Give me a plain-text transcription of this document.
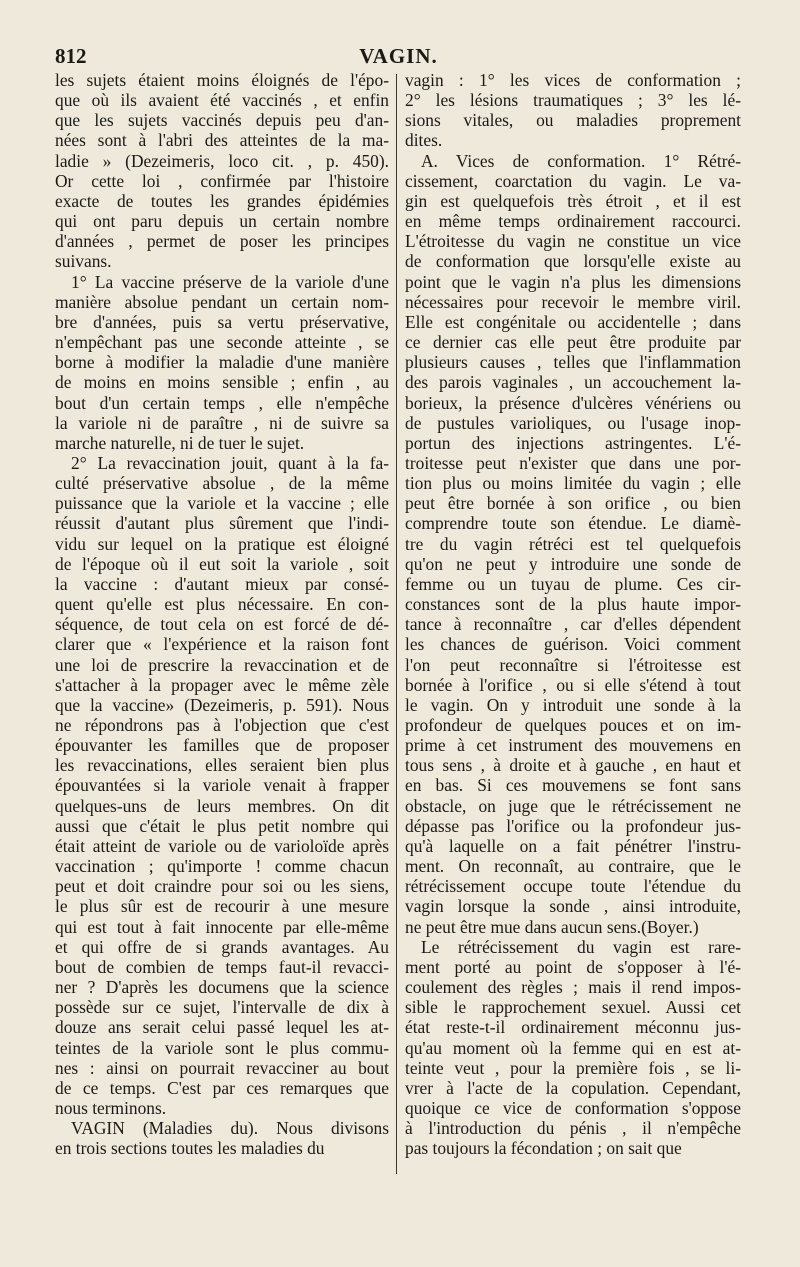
812	VAGIN.

les sujets étaient moins éloignés de l'épo-
que où ils avaient été vaccinés , et enfin
que les sujets vaccinés depuis peu d'an-
nées sont à l'abri des atteintes de la ma-
ladie » (Dezeimeris, loco cit. , p. 450).
Or cette loi , confirmée par l'histoire
exacte de toutes les grandes épidémies
qui ont paru depuis un certain nombre
d'années , permet de poser les principes
suivans.

1° La vaccine préserve de la variole d'une
manière absolue pendant un certain nom-
bre d'années, puis sa vertu préservative,
n'empêchant pas une seconde atteinte , se
borne à modifier la maladie d'une manière
de moins en moins sensible ; enfin , au
bout d'un certain temps , elle n'empêche
la variole ni de paraître , ni de suivre sa
marche naturelle, ni de tuer le sujet.

2° La revaccination jouit, quant à la fa-
culté préservative absolue , de la même
puissance que la variole et la vaccine ; elle
réussit d'autant plus sûrement que l'indi-
vidu sur lequel on la pratique est éloigné
de l'époque où il eut soit la variole , soit
la vaccine : d'autant mieux par consé-
quent qu'elle est plus nécessaire. En con-
séquence, de tout cela on est forcé de dé-
clarer que « l'expérience et la raison font
une loi de prescrire la revaccination et de
s'attacher à la propager avec le même zèle
que la vaccine» (Dezeimeris, p. 591). Nous
ne répondrons pas à l'objection que c'est
épouvanter les familles que de proposer
les revaccinations, elles seraient bien plus
épouvantées si la variole venait à frapper
quelques-uns de leurs membres. On dit
aussi que c'était le plus petit nombre qui
était atteint de variole ou de varioloïde après
vaccination ; qu'importe ! comme chacun
peut et doit craindre pour soi ou les siens,
le plus sûr est de recourir à une mesure
qui est tout à fait innocente par elle-même
et qui offre de si grands avantages. Au
bout de combien de temps faut-il revacci-
ner ? D'après les documens que la science
possède sur ce sujet, l'intervalle de dix à
douze ans serait celui passé lequel les at-
teintes de la variole sont le plus commu-
nes : ainsi on pourrait revacciner au bout
de ce temps. C'est par ces remarques que
nous terminons.

VAGIN (Maladies du). Nous divisons
en trois sections toutes les maladies du

vagin : 1° les vices de conformation ;
2° les lésions traumatiques ; 3° les lé-
sions vitales, ou maladies proprement
dites.

A. Vices de conformation. 1° Rétré-
cissement, coarctation du vagin. Le va-
gin est quelquefois très étroit , et il est
en même temps ordinairement raccourci.
L'étroitesse du vagin ne constitue un vice
de conformation que lorsqu'elle existe au
point que le vagin n'a plus les dimensions
nécessaires pour recevoir le membre viril.
Elle est congénitale ou accidentelle ; dans
ce dernier cas elle peut être produite par
plusieurs causes , telles que l'inflammation
des parois vaginales , un accouchement la-
borieux, la présence d'ulcères vénériens ou
de pustules varioliques, ou l'usage inop-
portun des injections astringentes. L'é-
troitesse peut n'exister que dans une por-
tion plus ou moins limitée du vagin ; elle
peut être bornée à son orifice , ou bien
comprendre toute son étendue. Le diamè-
tre du vagin rétréci est tel quelquefois
qu'on ne peut y introduire une sonde de
femme ou un tuyau de plume. Ces cir-
constances sont de la plus haute impor-
tance à reconnaître , car d'elles dépendent
les chances de guérison. Voici comment
l'on peut reconnaître si l'étroitesse est
bornée à l'orifice , ou si elle s'étend à tout
le vagin. On y introduit une sonde à la
profondeur de quelques pouces et on im-
prime à cet instrument des mouvemens en
tous sens , à droite et à gauche , en haut et
en bas. Si ces mouvemens se font sans
obstacle, on juge que le rétrécissement ne
dépasse pas l'orifice ou la profondeur jus-
qu'à laquelle on a fait pénétrer l'instru-
ment. On reconnaît, au contraire, que le
rétrécissement occupe toute l'étendue du
vagin lorsque la sonde , ainsi introduite,
ne peut être mue dans aucun sens.(Boyer.)

Le rétrécissement du vagin est rare-
ment porté au point de s'opposer à l'é-
coulement des règles ; mais il rend impos-
sible le rapprochement sexuel. Aussi cet
état reste-t-il ordinairement méconnu jus-
qu'au moment où la femme qui en est at-
teinte veut , pour la première fois , se li-
vrer à l'acte de la copulation. Cependant,
quoique ce vice de conformation s'oppose
à l'introduction du pénis , il n'empêche
pas toujours la fécondation ; on sait que
